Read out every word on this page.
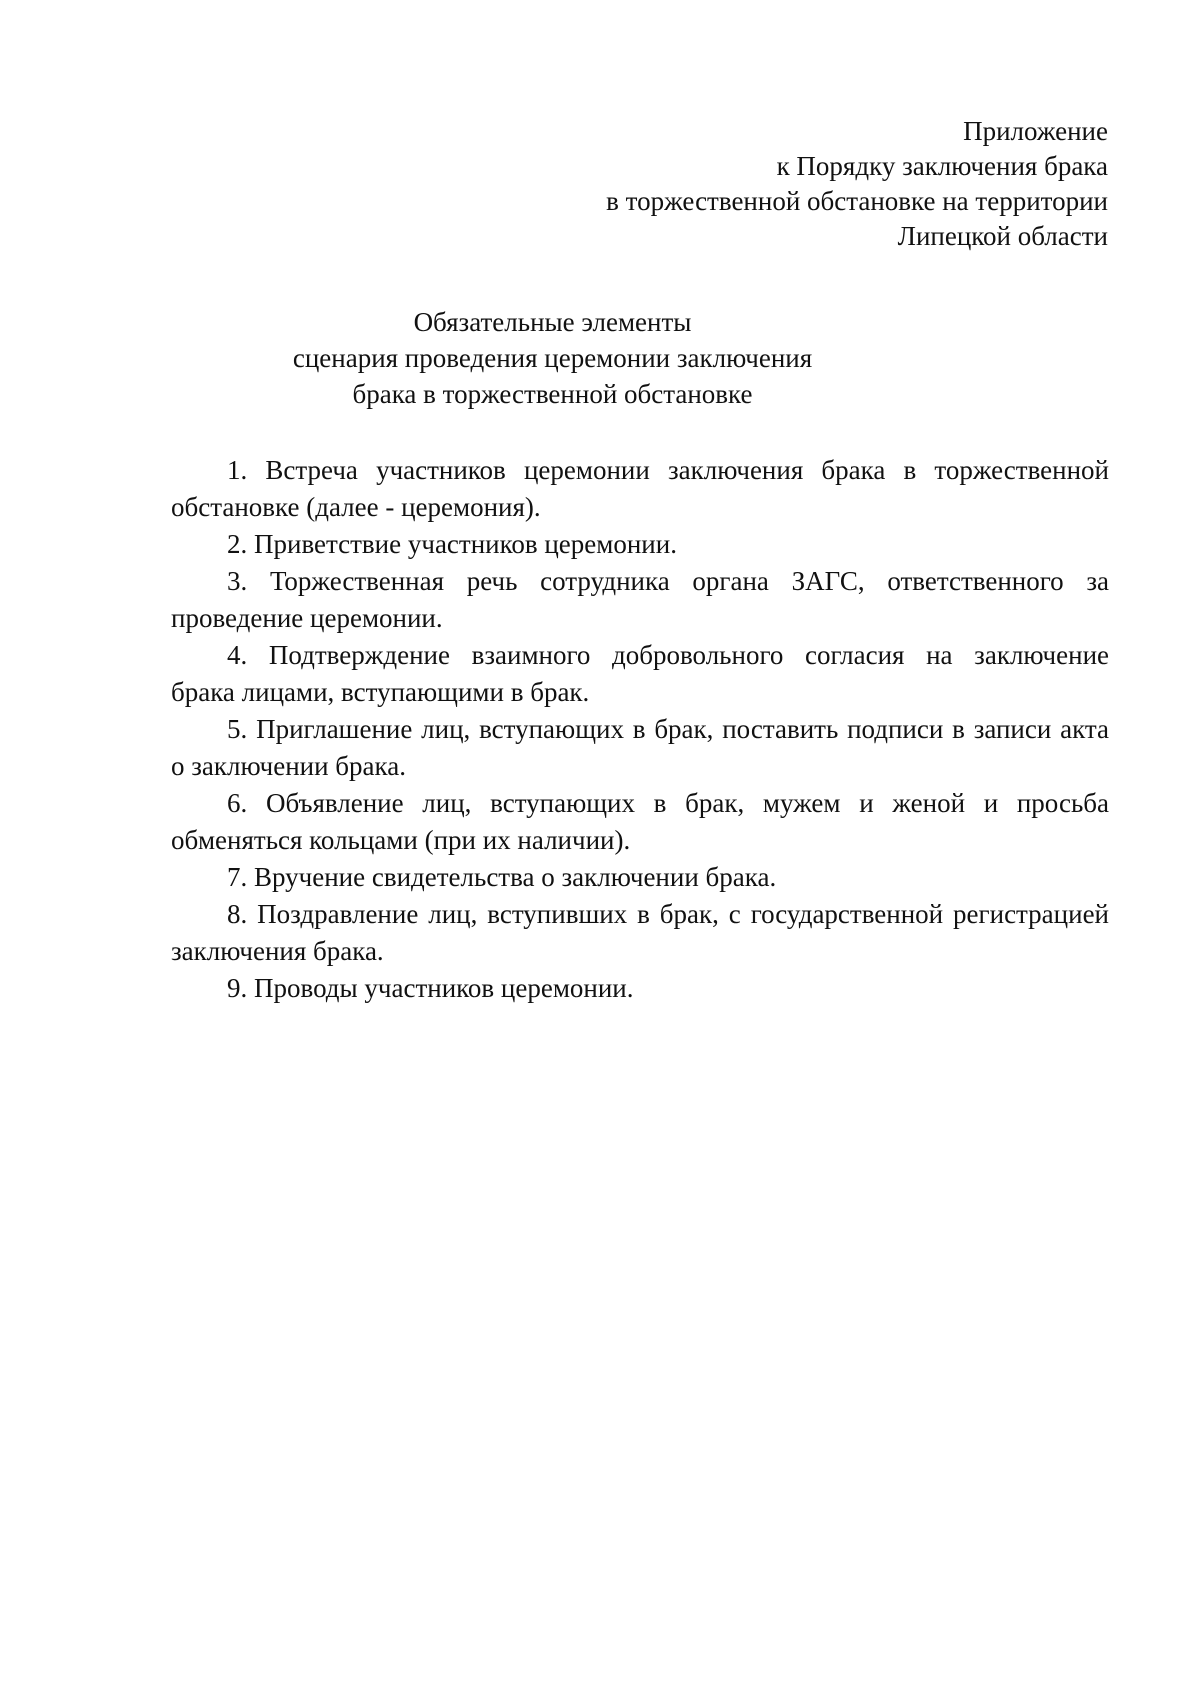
Приложение
к Порядку заключения брака
в торжественной обстановке на территории
Липецкой области
Обязательные элементы
сценария проведения церемонии заключения
брака в торжественной обстановке

1. Встреча участников церемонии заключения брака в торжественной
обстановке (далее - церемония).

2. Приветствие участников церемонии.

3. Торжественная речь сотрудника органа ЗАГС, ответственного за
проведение церемонии.

4. Подтверждение взаимного добровольного согласия на заключение
брака лицами, вступающими в брак.

5. Приглашение лиц, вступающих в брак, поставить подписи в записи акта
о заключении брака.

6. Объявление лиц, вступающих в брак, мужем и женой и просьба
обменяться кольцами (при их наличии).

7. Вручение свидетельства о заключении брака.

8. Поздравление лиц, вступивших в брак, с государственной регистрацией
заключения брака.

9. Проводы участников церемонии.
